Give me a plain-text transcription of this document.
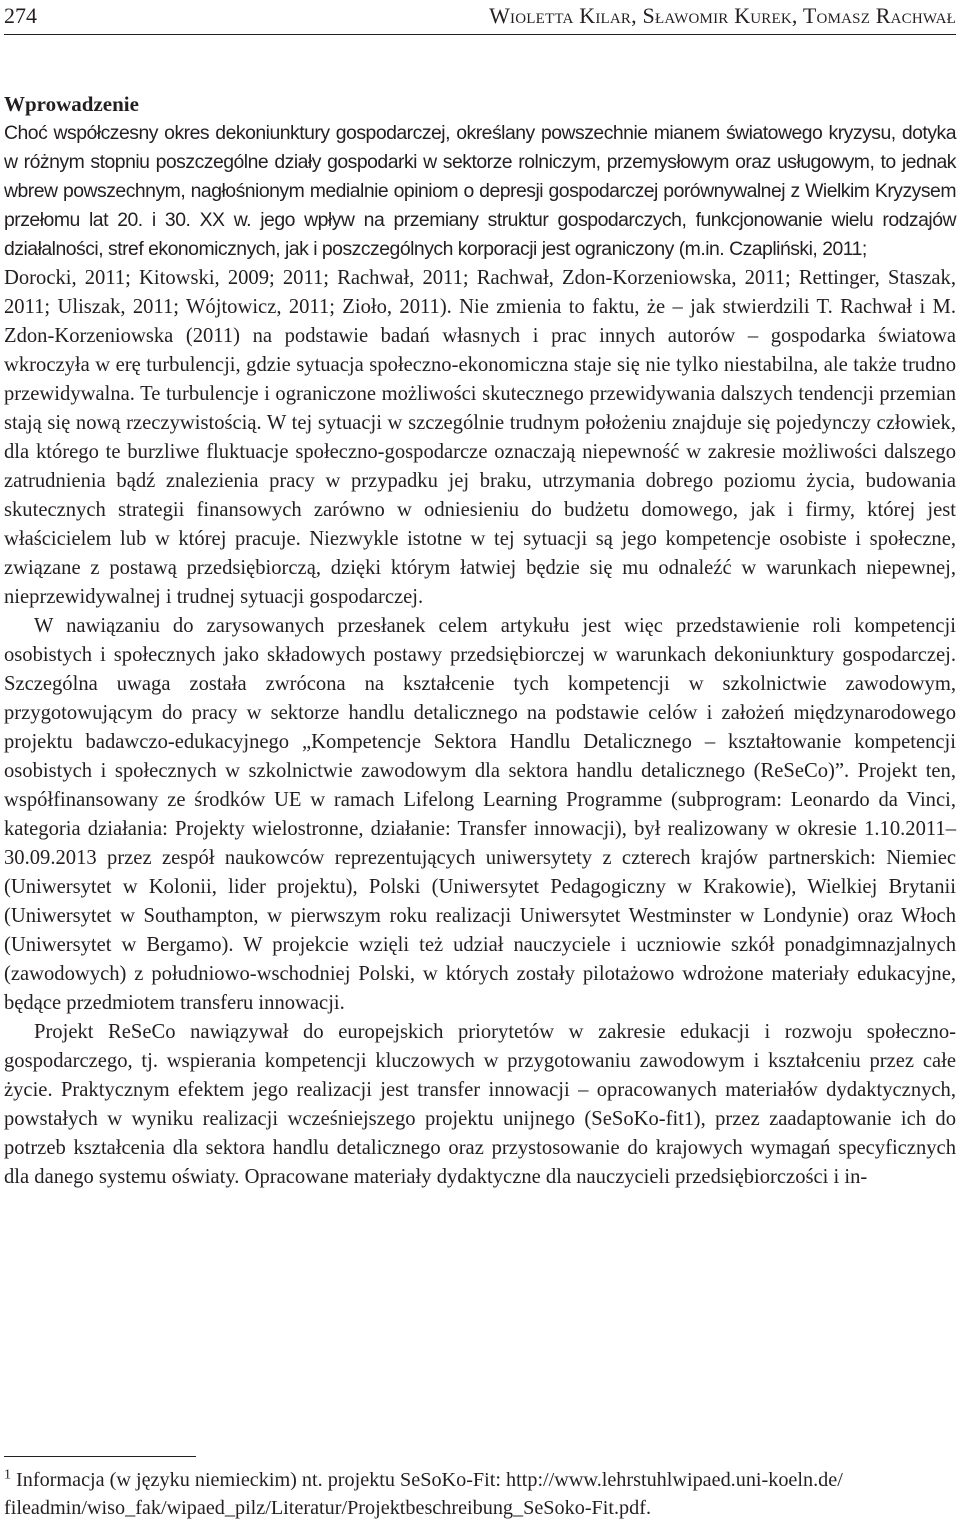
274	Wioletta Kilar, Sławomir Kurek, Tomasz Rachwał
Wprowadzenie

Choć współczesny okres dekoniunktury gospodarczej, określany powszechnie mianem światowego kryzysu, dotyka w różnym stopniu poszczególne działy gospodarki w sektorze rolniczym, przemysłowym oraz usługowym, to jednak wbrew powszechnym, nagłośnionym medialnie opiniom o depresji gospodarczej porównywalnej z Wielkim Kryzysem przełomu lat 20. i 30. XX w. jego wpływ na przemiany struktur gospodarczych, funkcjonowanie wielu rodzajów działalności, stref ekonomicznych, jak i poszczególnych korporacji jest ograniczony (m.in. Czapliński, 2011;

Dorocki, 2011; Kitowski, 2009; 2011; Rachwał, 2011; Rachwał, Zdon-Korzeniowska, 2011; Rettinger, Staszak, 2011; Uliszak, 2011; Wójtowicz, 2011; Zioło, 2011). Nie zmienia to faktu, że – jak stwierdzili T. Rachwał i M. Zdon-Korzeniowska (2011) na podstawie badań własnych i prac innych autorów – gospodarka światowa wkroczyła w erę turbulencji, gdzie sytuacja społeczno-ekonomiczna staje się nie tylko niestabilna, ale także trudno przewidywalna. Te turbulencje i ograniczone możliwości skutecznego przewidywania dalszych tendencji przemian stają się nową rzeczywistością. W tej sytuacji w szczególnie trudnym położeniu znajduje się pojedynczy człowiek, dla którego te burzliwe fluktuacje społeczno-gospodarcze oznaczają niepewność w zakresie możliwości dalszego zatrudnienia bądź znalezienia pracy w przypadku jej braku, utrzymania dobrego poziomu życia, budowania skutecznych strategii finansowych zarówno w odniesieniu do budżetu domowego, jak i firmy, której jest właścicielem lub w której pracuje. Niezwykle istotne w tej sytuacji są jego kompetencje osobiste i społeczne, związane z postawą przedsiębiorczą, dzięki którym łatwiej będzie się mu odnaleźć w warunkach niepewnej, nieprzewidywalnej i trudnej sytuacji gospodarczej.

W nawiązaniu do zarysowanych przesłanek celem artykułu jest więc przedstawienie roli kompetencji osobistych i społecznych jako składowych postawy przedsiębiorczej w warunkach dekoniunktury gospodarczej. Szczególna uwaga została zwrócona na kształcenie tych kompetencji w szkolnictwie zawodowym, przygotowującym do pracy w sektorze handlu detalicznego na podstawie celów i założeń międzynarodowego projektu badawczo-edukacyjnego „Kompetencje Sektora Handlu Detalicznego – kształtowanie kompetencji osobistych i społecznych w szkolnictwie zawodowym dla sektora handlu detalicznego (ReSeCo)”. Projekt ten, współfinansowany ze środków UE w ramach Lifelong Learning Programme (subprogram: Leonardo da Vinci, kategoria działania: Projekty wielostronne, działanie: Transfer innowacji), był realizowany w okresie 1.10.2011–30.09.2013 przez zespół naukowców reprezentujących uniwersytety z czterech krajów partnerskich: Niemiec (Uniwersytet w Kolonii, lider projektu), Polski (Uniwersytet Pedagogiczny w Krakowie), Wielkiej Brytanii (Uniwersytet w Southampton, w pierwszym roku realizacji Uniwersytet Westminster w Londynie) oraz Włoch (Uniwersytet w Bergamo). W projekcie wzięli też udział nauczyciele i uczniowie szkół ponadgimnazjalnych (zawodowych) z południowo-wschodniej Polski, w których zostały pilotażowo wdrożone materiały edukacyjne, będące przedmiotem transferu innowacji.

Projekt ReSeCo nawiązywał do europejskich priorytetów w zakresie edukacji i rozwoju społeczno-gospodarczego, tj. wspierania kompetencji kluczowych w przygotowaniu zawodowym i kształceniu przez całe życie. Praktycznym efektem jego realizacji jest transfer innowacji – opracowanych materiałów dydaktycznych, powstałych w wyniku realizacji wcześniejszego projektu unijnego (SeSoKo-fit1), przez zaadaptowanie ich do potrzeb kształcenia dla sektora handlu detalicznego oraz przystosowanie do krajowych wymagań specyficznych dla danego systemu oświaty. Opracowane materiały dydaktyczne dla nauczycieli przedsiębiorczości i in-

$^1$ Informacja (w języku niemieckim) nt. projektu SeSoKo-Fit: http://www.lehrstuhlwipaed.uni-koeln.de/
fileadmin/wiso_fak/wipaed_pilz/Literatur/Projektbeschreibung_SeSoko-Fit.pdf.
